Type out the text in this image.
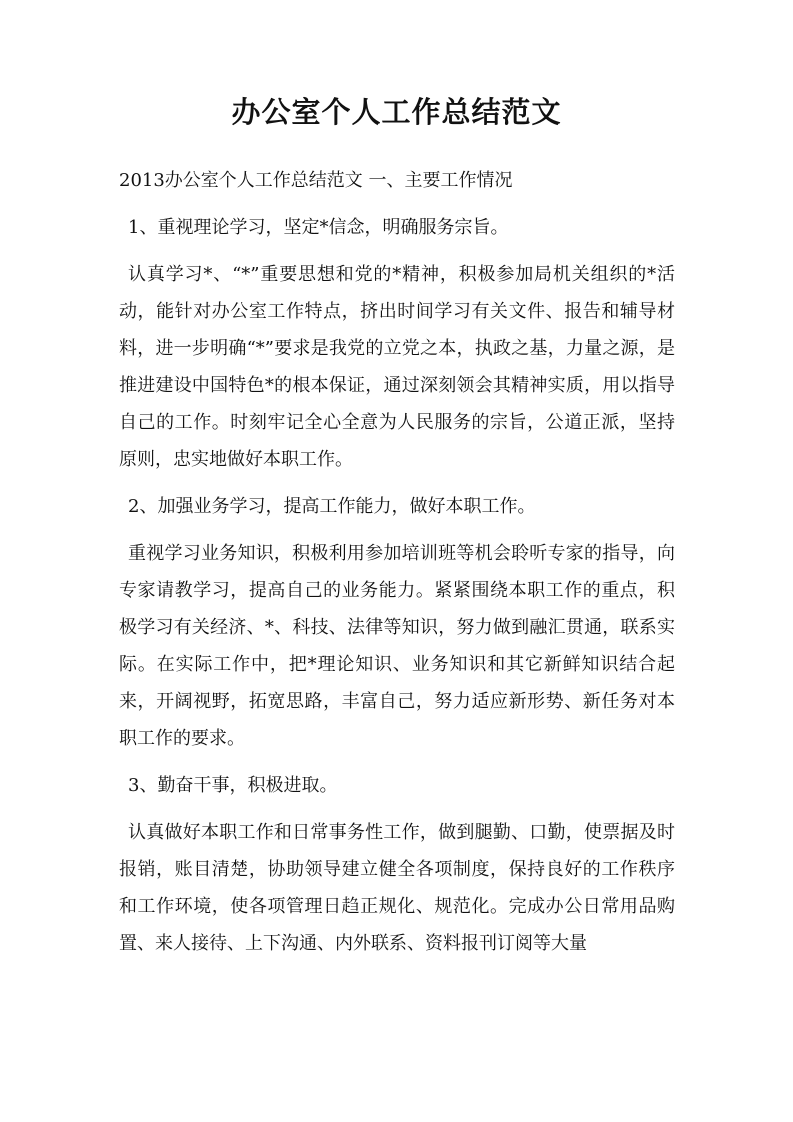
办公室个人工作总结范文

2013办公室个人工作总结范文 一、主要工作情况

1、重视理论学习，坚定*信念，明确服务宗旨。

认真学习*、“*”重要思想和党的*精神，积极参加局机关组织的*活动，能针对办公室工作特点，挤出时间学习有关文件、报告和辅导材料，进一步明确“*”要求是我党的立党之本，执政之基，力量之源，是推进建设中国特色*的根本保证，通过深刻领会其精神实质，用以指导自己的工作。时刻牢记全心全意为人民服务的宗旨，公道正派，坚持原则，忠实地做好本职工作。

2、加强业务学习，提高工作能力，做好本职工作。

重视学习业务知识，积极利用参加培训班等机会聆听专家的指导，向专家请教学习，提高自己的业务能力。紧紧围绕本职工作的重点，积极学习有关经济、*、科技、法律等知识，努力做到融汇贯通，联系实际。在实际工作中，把*理论知识、业务知识和其它新鲜知识结合起来，开阔视野，拓宽思路，丰富自己，努力适应新形势、新任务对本职工作的要求。

3、勤奋干事，积极进取。

认真做好本职工作和日常事务性工作，做到腿勤、口勤，使票据及时报销，账目清楚，协助领导建立健全各项制度，保持良好的工作秩序和工作环境，使各项管理日趋正规化、规范化。完成办公日常用品购置、来人接待、上下沟通、内外联系、资料报刊订阅等大量
